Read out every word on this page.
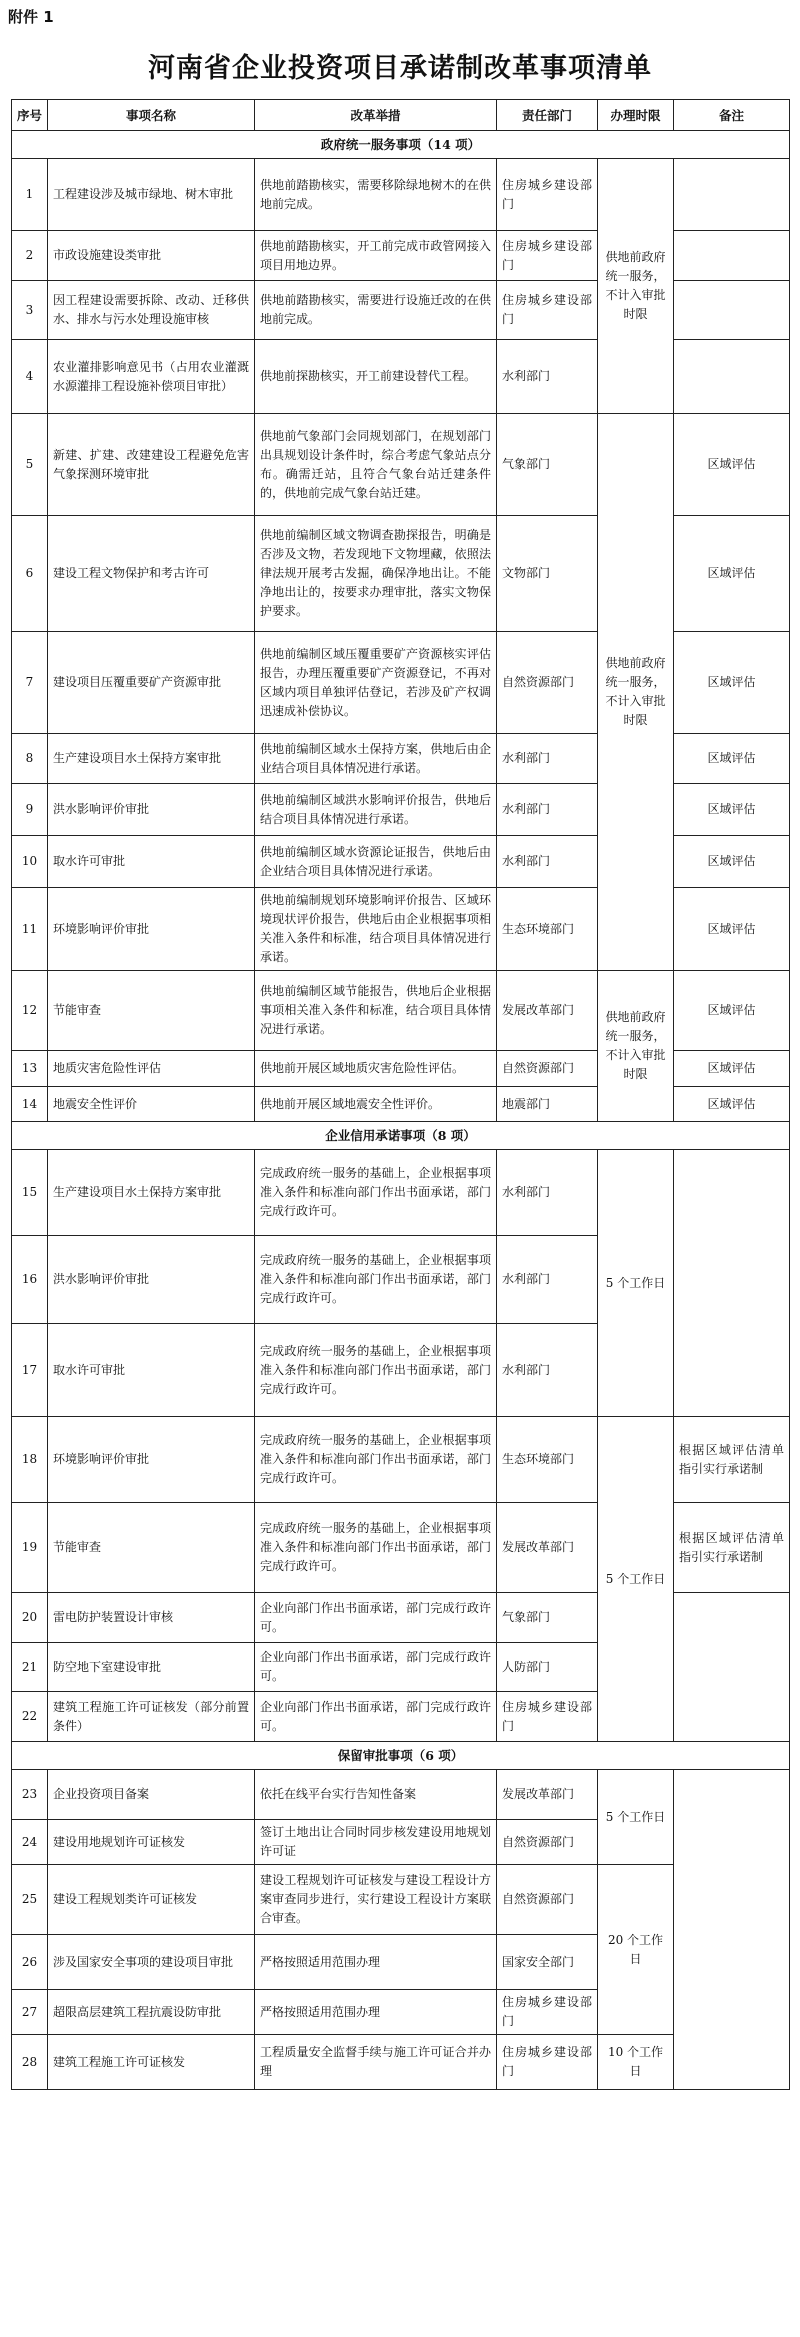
附件 1
河南省企业投资项目承诺制改革事项清单
序号	事项名称	改革举措	责任部门	办理时限	备注
政府统一服务事项（14 项）					
1	工程建设涉及城市绿地、树木审批	供地前踏勘核实，需要移除绿地树木的在供地前完成。	住房城乡建设部门	供地前政府统一服务，不计入审批时限	
2	市政设施建设类审批	供地前踏勘核实，开工前完成市政管网接入项目用地边界。	住房城乡建设部门		
3	因工程建设需要拆除、改动、迁移供水、排水与污水处理设施审核	供地前踏勘核实，需要进行设施迁改的在供地前完成。	住房城乡建设部门		
4	农业灌排影响意见书（占用农业灌溉水源灌排工程设施补偿项目审批）	供地前探勘核实，开工前建设替代工程。	水利部门		
5	新建、扩建、改建建设工程避免危害气象探测环境审批	供地前气象部门会同规划部门，在规划部门出具规划设计条件时，综合考虑气象站点分布。确需迁站，且符合气象台站迁建条件的，供地前完成气象台站迁建。	气象部门	供地前政府统一服务，不计入审批时限	区域评估
6	建设工程文物保护和考古许可	供地前编制区域文物调查勘探报告，明确是否涉及文物，若发现地下文物埋藏，依照法律法规开展考古发掘，确保净地出让。不能净地出让的，按要求办理审批，落实文物保护要求。	文物部门		区域评估
7	建设项目压覆重要矿产资源审批	供地前编制区域压覆重要矿产资源核实评估报告，办理压覆重要矿产资源登记，不再对区域内项目单独评估登记，若涉及矿产权调迅速成补偿协议。	自然资源部门		区域评估
8	生产建设项目水土保持方案审批	供地前编制区域水土保持方案，供地后由企业结合项目具体情况进行承诺。	水利部门		区域评估
9	洪水影响评价审批	供地前编制区域洪水影响评价报告，供地后结合项目具体情况进行承诺。	水利部门		区域评估
10	取水许可审批	供地前编制区域水资源论证报告，供地后由企业结合项目具体情况进行承诺。	水利部门		区域评估
11	环境影响评价审批	供地前编制规划环境影响评价报告、区域环境现状评价报告，供地后由企业根据事项相关准入条件和标准，结合项目具体情况进行承诺。	生态环境部门		区域评估
12	节能审查	供地前编制区域节能报告，供地后企业根据事项相关准入条件和标准，结合项目具体情况进行承诺。	发展改革部门	供地前政府统一服务，不计入审批时限	区域评估
13	地质灾害危险性评估	供地前开展区域地质灾害危险性评估。	自然资源部门		区域评估
14	地震安全性评价	供地前开展区域地震安全性评价。	地震部门		区域评估
企业信用承诺事项（8 项）					
15	生产建设项目水土保持方案审批	完成政府统一服务的基础上，企业根据事项准入条件和标准向部门作出书面承诺，部门完成行政许可。	水利部门	5 个工作日	
16	洪水影响评价审批	完成政府统一服务的基础上，企业根据事项准入条件和标准向部门作出书面承诺，部门完成行政许可。	水利部门		
17	取水许可审批	完成政府统一服务的基础上，企业根据事项准入条件和标准向部门作出书面承诺，部门完成行政许可。	水利部门		
18	环境影响评价审批	完成政府统一服务的基础上，企业根据事项准入条件和标准向部门作出书面承诺，部门完成行政许可。	生态环境部门	5 个工作日	根据区域评估清单指引实行承诺制
19	节能审查	完成政府统一服务的基础上，企业根据事项准入条件和标准向部门作出书面承诺，部门完成行政许可。	发展改革部门		根据区域评估清单指引实行承诺制
20	雷电防护装置设计审核	企业向部门作出书面承诺，部门完成行政许可。	气象部门		
21	防空地下室建设审批	企业向部门作出书面承诺，部门完成行政许可。	人防部门		
22	建筑工程施工许可证核发（部分前置条件）	企业向部门作出书面承诺，部门完成行政许可。	住房城乡建设部门		
保留审批事项（6 项）					
23	企业投资项目备案	依托在线平台实行告知性备案	发展改革部门	5 个工作日	
24	建设用地规划许可证核发	签订土地出让合同时同步核发建设用地规划许可证	自然资源部门		
25	建设工程规划类许可证核发	建设工程规划许可证核发与建设工程设计方案审查同步进行，实行建设工程设计方案联合审查。	自然资源部门	20 个工作日	
26	涉及国家安全事项的建设项目审批	严格按照适用范围办理	国家安全部门		
27	超限高层建筑工程抗震设防审批	严格按照适用范围办理	住房城乡建设部门		
28	建筑工程施工许可证核发	工程质量安全监督手续与施工许可证合并办理	住房城乡建设部门	10 个工作日	
